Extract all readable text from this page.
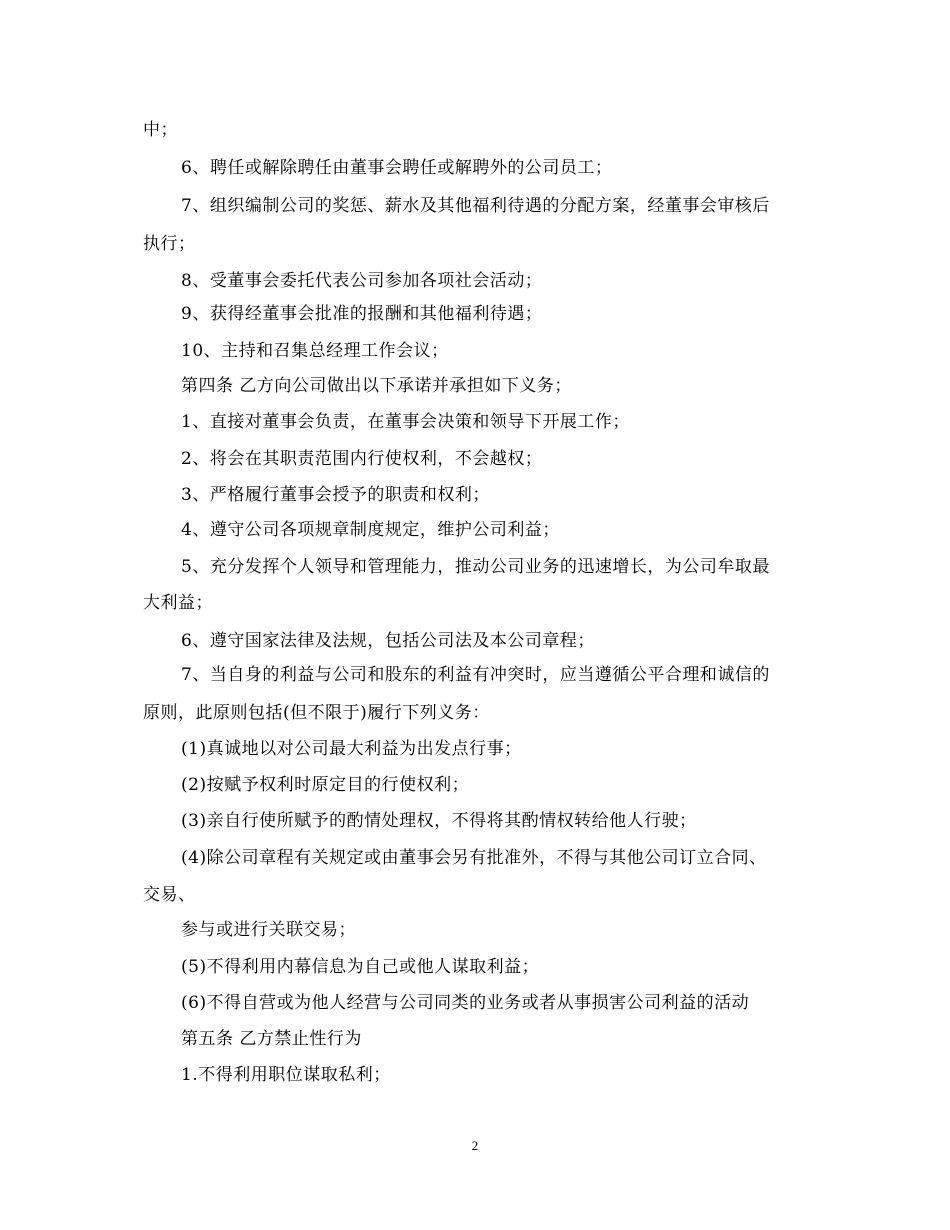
中；
6、聘任或解除聘任由董事会聘任或解聘外的公司员工；
7、组织编制公司的奖惩、薪水及其他福利待遇的分配方案，经董事会审核后
执行；
8、受董事会委托代表公司参加各项社会活动；
9、获得经董事会批准的报酬和其他福利待遇；
10、主持和召集总经理工作会议；
第四条 乙方向公司做出以下承诺并承担如下义务；
1、直接对董事会负责，在董事会决策和领导下开展工作；
2、将会在其职责范围内行使权利，不会越权；
3、严格履行董事会授予的职责和权利；
4、遵守公司各项规章制度规定，维护公司利益；
5、充分发挥个人领导和管理能力，推动公司业务的迅速增长，为公司牟取最
大利益；
6、遵守国家法律及法规，包括公司法及本公司章程；
7、当自身的利益与公司和股东的利益有冲突时，应当遵循公平合理和诚信的
原则，此原则包括(但不限于)履行下列义务：
(1)真诚地以对公司最大利益为出发点行事；
(2)按赋予权利时原定目的行使权利；
(3)亲自行使所赋予的酌情处理权，不得将其酌情权转给他人行驶；
(4)除公司章程有关规定或由董事会另有批准外，不得与其他公司订立合同、
交易、
参与或进行关联交易；
(5)不得利用内幕信息为自己或他人谋取利益；
(6)不得自营或为他人经营与公司同类的业务或者从事损害公司利益的活动
第五条 乙方禁止性行为
1.不得利用职位谋取私利；
2
